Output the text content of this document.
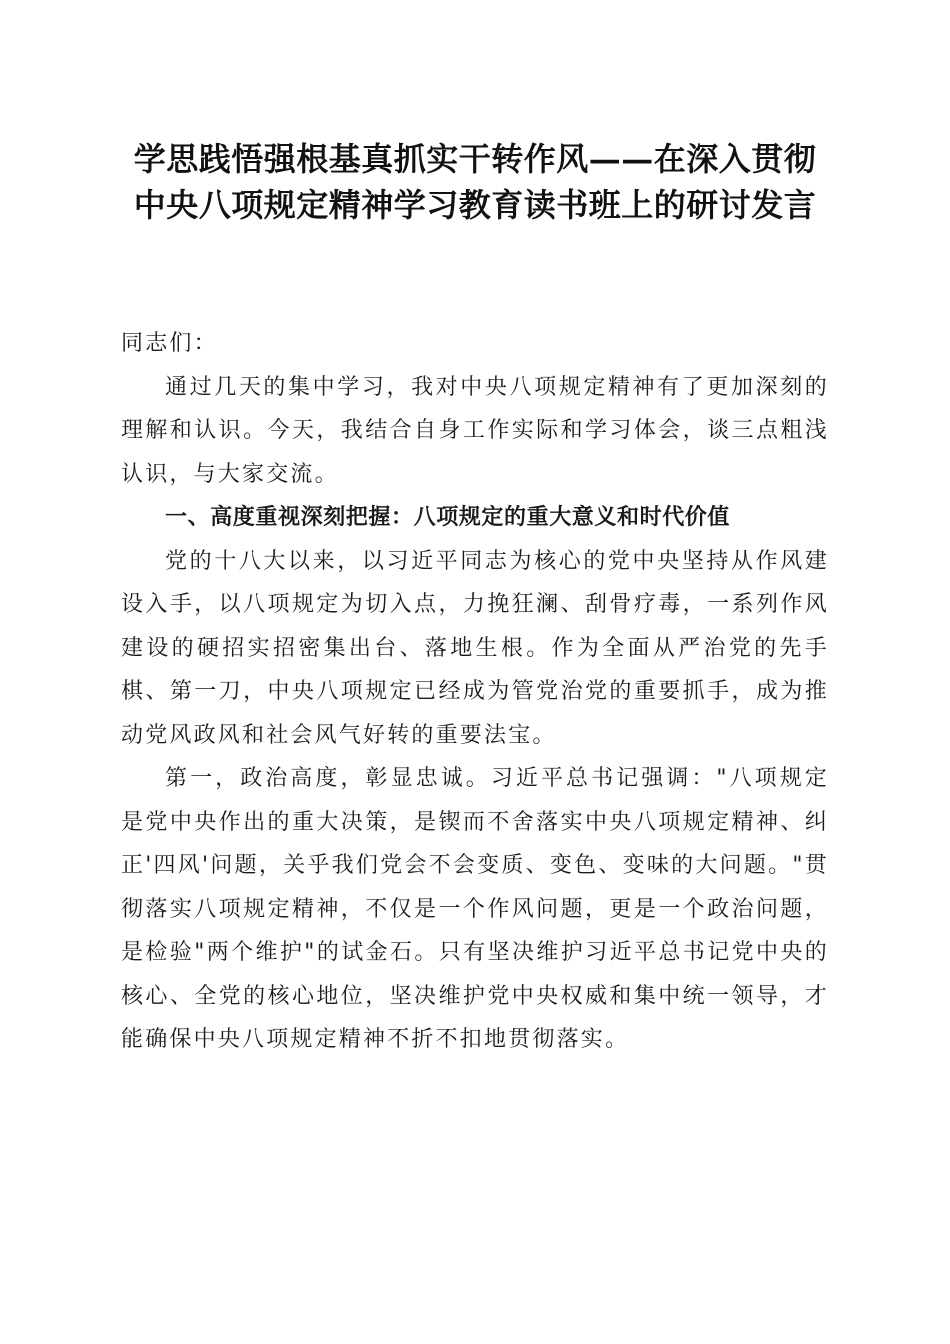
学思践悟强根基真抓实干转作风——在深入贯彻中央八项规定精神学习教育读书班上的研讨发言

同志们：

通过几天的集中学习，我对中央八项规定精神有了更加深刻的理解和认识。今天，我结合自身工作实际和学习体会，谈三点粗浅认识，与大家交流。

一、高度重视深刻把握：八项规定的重大意义和时代价值

党的十八大以来，以习近平同志为核心的党中央坚持从作风建设入手，以八项规定为切入点，力挽狂澜、刮骨疗毒，一系列作风建设的硬招实招密集出台、落地生根。作为全面从严治党的先手棋、第一刀，中央八项规定已经成为管党治党的重要抓手，成为推动党风政风和社会风气好转的重要法宝。

第一，政治高度，彰显忠诚。习近平总书记强调："八项规定是党中央作出的重大决策，是锲而不舍落实中央八项规定精神、纠正'四风'问题，关乎我们党会不会变质、变色、变味的大问题。"贯彻落实八项规定精神，不仅是一个作风问题，更是一个政治问题，是检验"两个维护"的试金石。只有坚决维护习近平总书记党中央的核心、全党的核心地位，坚决维护党中央权威和集中统一领导，才能确保中央八项规定精神不折不扣地贯彻落实。
